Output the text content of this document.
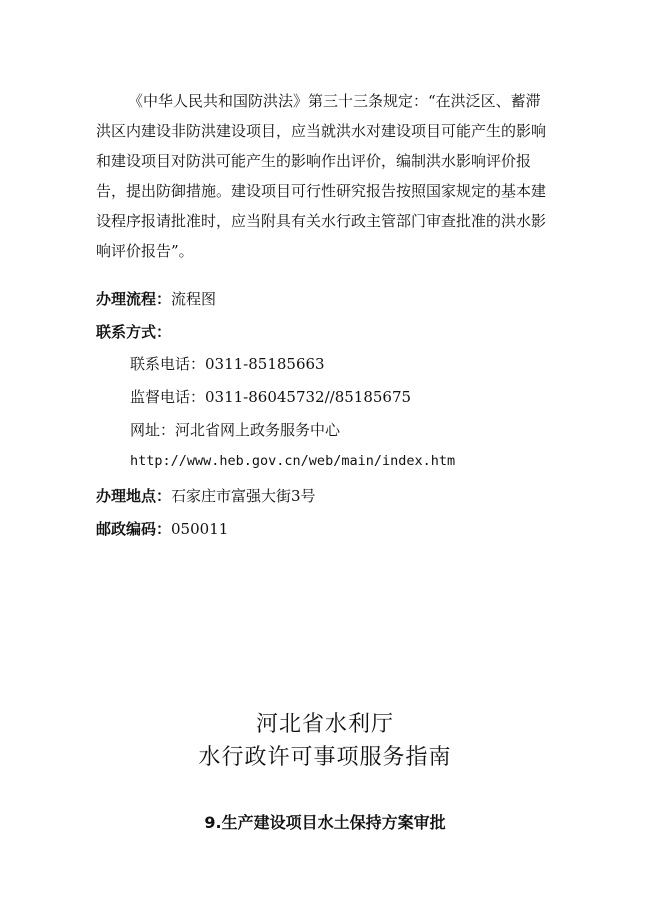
《中华人民共和国防洪法》第三十三条规定：“在洪泛区、蓄滞
洪区内建设非防洪建设项目，应当就洪水对建设项目可能产生的影响
和建设项目对防洪可能产生的影响作出评价，编制洪水影响评价报
告，提出防御措施。建设项目可行性研究报告按照国家规定的基本建
设程序报请批准时，应当附具有关水行政主管部门审查批准的洪水影
响评价报告”。
办理流程：流程图
联系方式：
联系电话：0311-85185663
监督电话：0311-86045732//85185675
网址：河北省网上政务服务中心
http://www.heb.gov.cn/web/main/index.htm
办理地点：石家庄市富强大街3号
邮政编码：050011
河北省水利厅
水行政许可事项服务指南
9.生产建设项目水土保持方案审批
